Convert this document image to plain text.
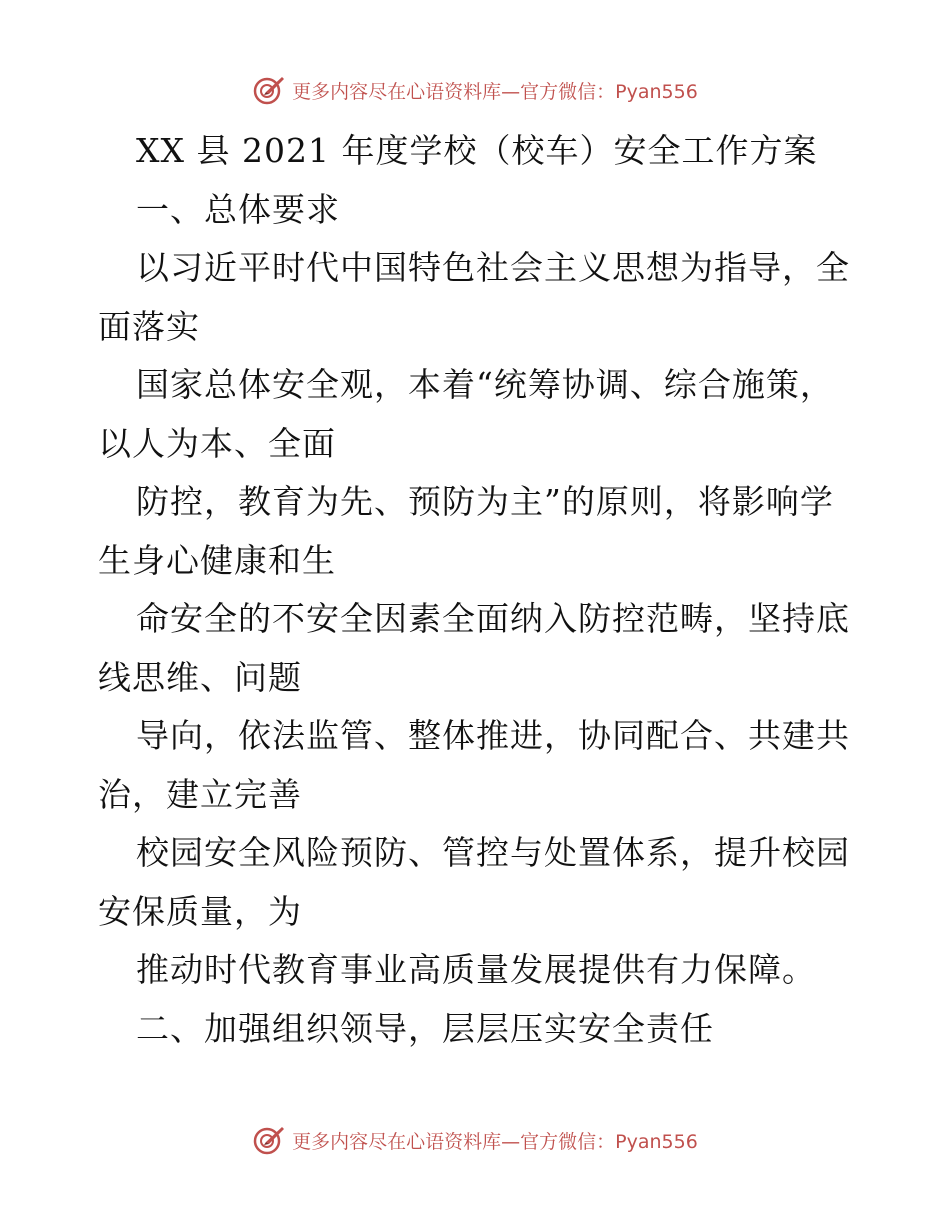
更多内容尽在心语资料库—官方微信：Pyan556
XX 县 2021 年度学校（校车）安全工作方案
一、总体要求
以习近平时代中国特色社会主义思想为指导，全
面落实
国家总体安全观，本着“统筹协调、综合施策，
以人为本、全面
防控，教育为先、预防为主”的原则，将影响学
生身心健康和生
命安全的不安全因素全面纳入防控范畴，坚持底
线思维、问题
导向，依法监管、整体推进，协同配合、共建共
治，建立完善
校园安全风险预防、管控与处置体系，提升校园
安保质量，为
推动时代教育事业高质量发展提供有力保障。
二、加强组织领导，层层压实安全责任
更多内容尽在心语资料库—官方微信：Pyan556
